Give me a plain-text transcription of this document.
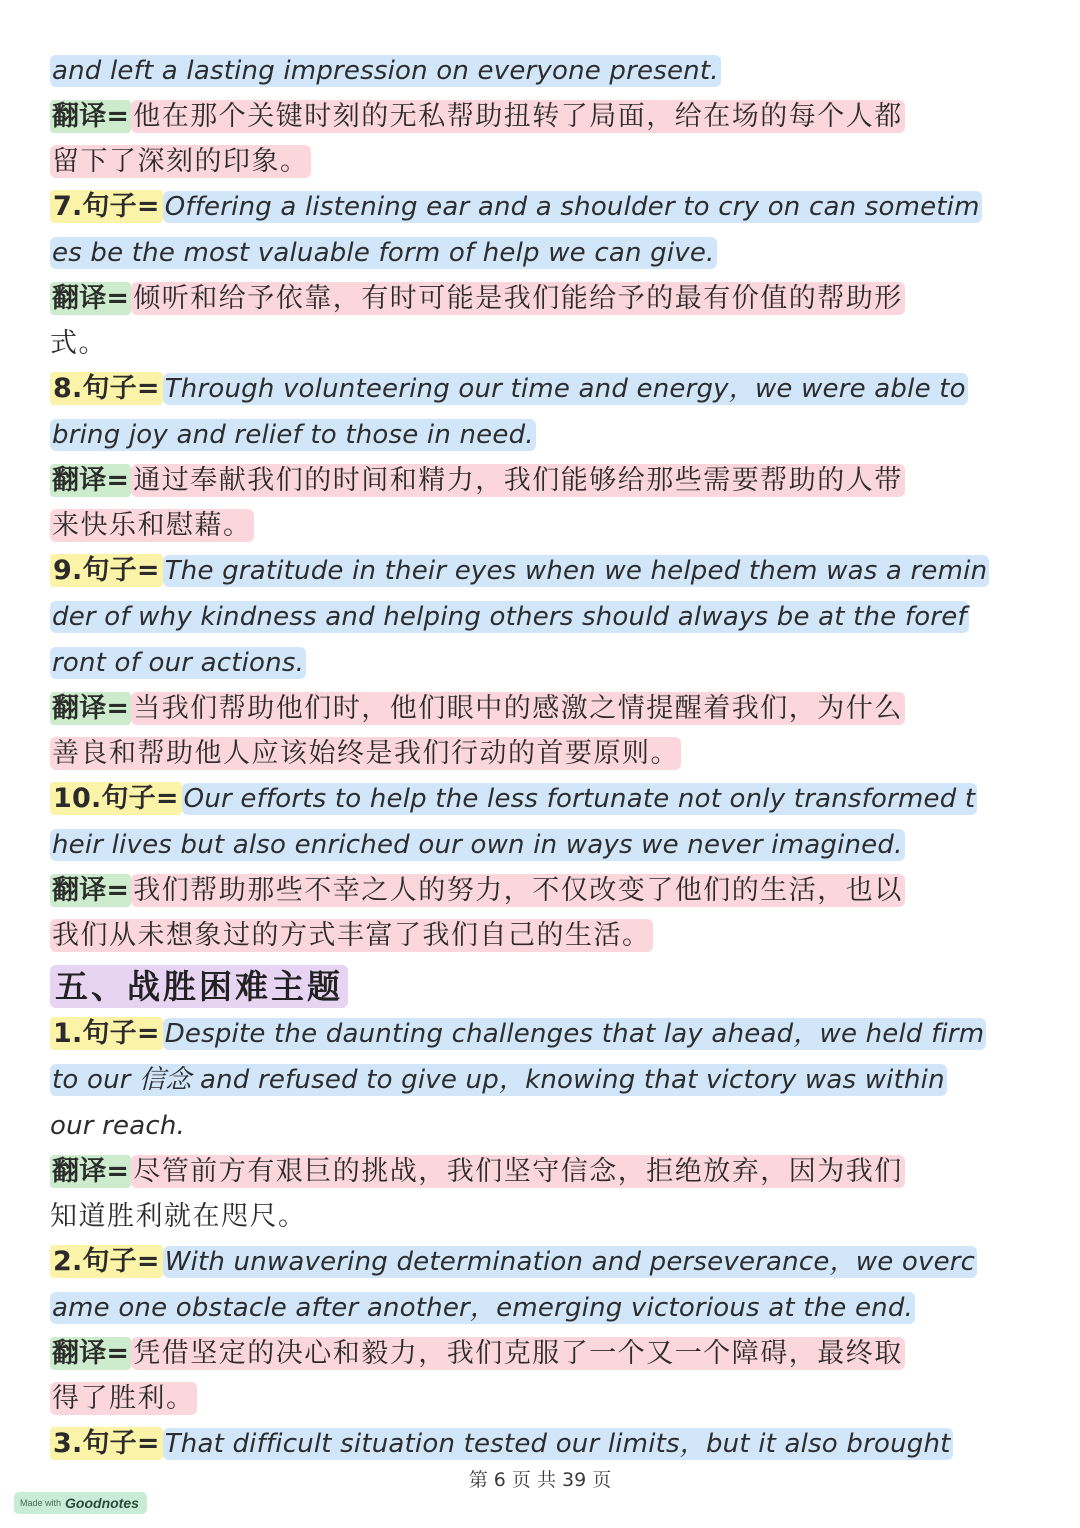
and left a lasting impression on everyone present.
翻译= 他在那个关键时刻的无私帮助扭转了局面，给在场的每个人都
留下了深刻的印象。
7.句子= Offering a listening ear and a shoulder to cry on can sometim
es be the most valuable form of help we can give.
翻译= 倾听和给予依靠，有时可能是我们能给予的最有价值的帮助形
式。
8.句子= Through volunteering our time and energy，we were able to
bring joy and relief to those in need.
翻译= 通过奉献我们的时间和精力，我们能够给那些需要帮助的人带
来快乐和慰藉。
9.句子= The gratitude in their eyes when we helped them was a remin
der of why kindness and helping others should always be at the foref
ront of our actions.
翻译= 当我们帮助他们时，他们眼中的感激之情提醒着我们，为什么
善良和帮助他人应该始终是我们行动的首要原则。
10.句子= Our efforts to help the less fortunate not only transformed t
heir lives but also enriched our own in ways we never imagined.
翻译= 我们帮助那些不幸之人的努力，不仅改变了他们的生活，也以
我们从未想象过的方式丰富了我们自己的生活。
五、战胜困难主题
1.句子= Despite the daunting challenges that lay ahead，we held firm
to our 信念 and refused to give up，knowing that victory was within
our reach.
翻译= 尽管前方有艰巨的挑战，我们坚守信念，拒绝放弃，因为我们
知道胜利就在咫尺。
2.句子= With unwavering determination and perseverance，we overc
ame one obstacle after another，emerging victorious at the end.
翻译= 凭借坚定的决心和毅力，我们克服了一个又一个障碍，最终取
得了胜利。
3.句子= That difficult situation tested our limits，but it also brought
第 6 页 共 39 页
Made with Goodnotes
